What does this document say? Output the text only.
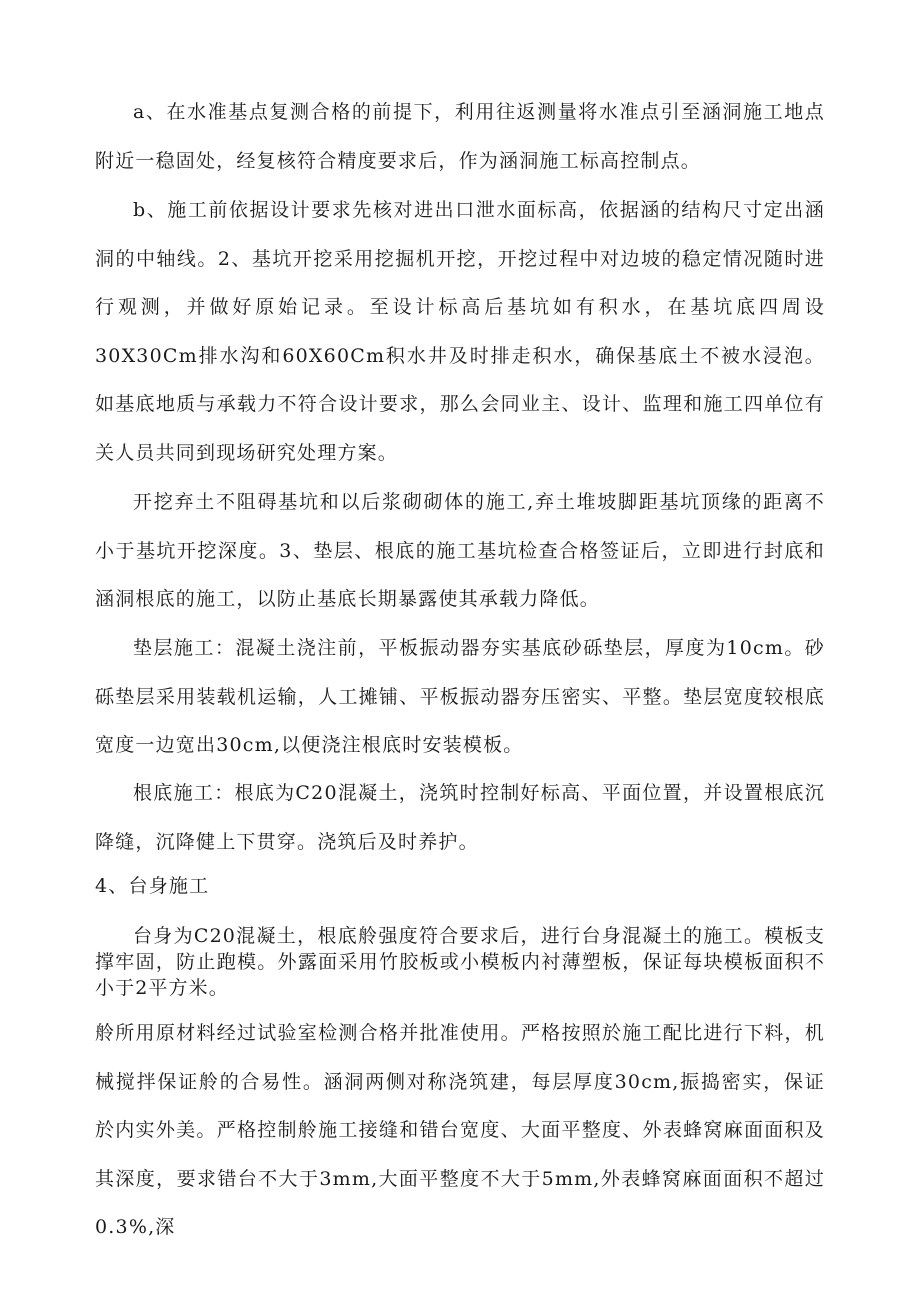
a、在水准基点复测合格的前提下，利用往返测量将水准点引至涵洞施工地点附近一稳固处，经复核符合精度要求后，作为涵洞施工标高控制点。

b、施工前依据设计要求先核对进出口泄水面标高，依据涵的结构尺寸定出涵洞的中轴线。2、基坑开挖采用挖掘机开挖，开挖过程中对边坡的稳定情况随时进行观测，并做好原始记录。至设计标高后基坑如有积水，在基坑底四周设30X30Cm排水沟和60X60Cm积水井及时排走积水，确保基底土不被水浸泡。如基底地质与承载力不符合设计要求，那么会同业主、设计、监理和施工四单位有关人员共同到现场研究处理方案。

开挖弃土不阻碍基坑和以后浆砌砌体的施工,弃土堆坡脚距基坑顶缘的距离不小于基坑开挖深度。3、垫层、根底的施工基坑检查合格签证后，立即进行封底和涵洞根底的施工，以防止基底长期暴露使其承载力降低。

垫层施工：混凝土浇注前，平板振动器夯实基底砂砾垫层，厚度为10cm。砂砾垫层采用装载机运输，人工摊铺、平板振动器夯压密实、平整。垫层宽度较根底宽度一边宽出30cm,以便浇注根底时安装模板。

根底施工：根底为C20混凝土，浇筑时控制好标高、平面位置，并设置根底沉降缝，沉降健上下贯穿。浇筑后及时养护。

4、台身施工

台身为C20混凝土，根底舲强度符合要求后，进行台身混凝土的施工。模板支撑牢固，防止跑模。外露面采用竹胶板或小模板内衬薄塑板，保证每块模板面积不小于2平方米。

舲所用原材料经过试验室检测合格并批准使用。严格按照於施工配比进行下料，机械搅拌保证舲的合易性。涵洞两侧对称浇筑建，每层厚度30cm,振捣密实，保证於内实外美。严格控制舲施工接缝和错台宽度、大面平整度、外表蜂窝麻面面积及其深度，要求错台不大于3mm,大面平整度不大于5mm,外表蜂窝麻面面积不超过0.3%,深
